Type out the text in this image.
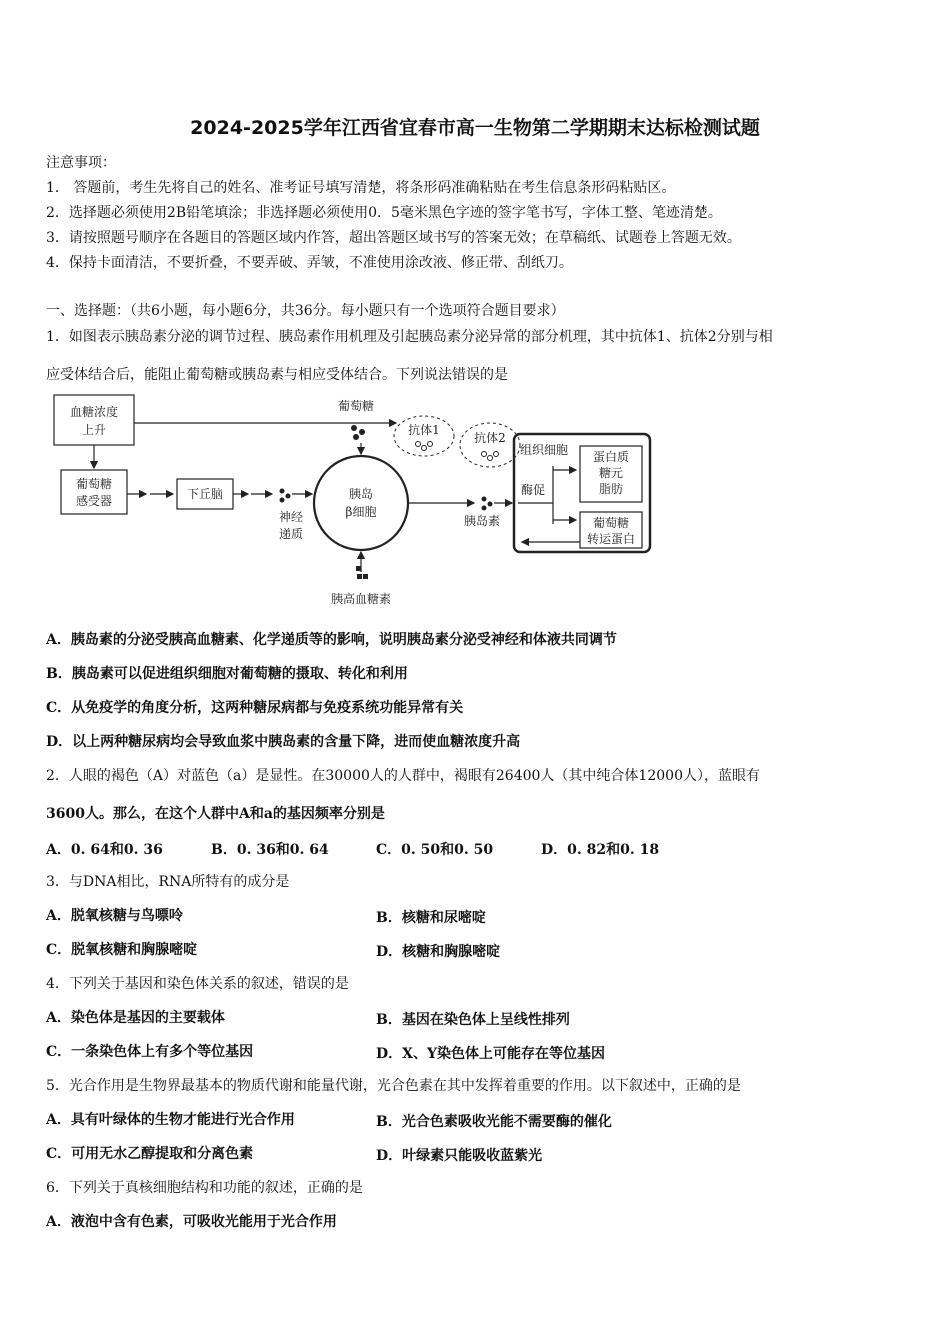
2024-2025学年江西省宜春市高一生物第二学期期末达标检测试题
注意事项：
1． 答题前，考生先将自己的姓名、准考证号填写清楚，将条形码准确粘贴在考生信息条形码粘贴区。
2．选择题必须使用2B铅笔填涂；非选择题必须使用0．5毫米黑色字迹的签字笔书写，字体工整、笔迹清楚。
3．请按照题号顺序在各题目的答题区域内作答，超出答题区域书写的答案无效；在草稿纸、试题卷上答题无效。
4．保持卡面清洁，不要折叠，不要弄破、弄皱，不准使用涂改液、修正带、刮纸刀。
一、选择题：（共6小题，每小题6分，共36分。每小题只有一个选项符合题目要求）
1．如图表示胰岛素分泌的调节过程、胰岛素作用机理及引起胰岛素分泌异常的部分机理，其中抗体1、抗体2分别与相
应受体结合后，能阻止葡萄糖或胰岛素与相应受体结合。下列说法错误的是
血糖浓度
上升
葡萄糖
抗体1
抗体2
组织细胞
葡萄糖
感受器	下丘脑
神经
递质
胰岛
β细胞
胰岛素
酶促
蛋白质
糖元
脂肪
葡萄糖
转运蛋白
胰高血糖素
A．胰岛素的分泌受胰高血糖素、化学递质等的影响，说明胰岛素分泌受神经和体液共同调节
B．胰岛素可以促进组织细胞对葡萄糖的摄取、转化和利用
C．从免疫学的角度分析，这两种糖尿病都与免疫系统功能异常有关
D．以上两种糖尿病均会导致血浆中胰岛素的含量下降，进而使血糖浓度升高
2．人眼的褐色（A）对蓝色（a）是显性。在30000人的人群中，褐眼有26400人（其中纯合体12000人），蓝眼有
3600人。那么，在这个人群中A和a的基因频率分别是
A．0. 64和0. 36	B．0. 36和0. 64	C．0. 50和0. 50	D．0. 82和0. 18
3．与DNA相比，RNA所特有的成分是
A．脱氧核糖与鸟嘌呤	B．核糖和尿嘧啶
C．脱氧核糖和胸腺嘧啶	D．核糖和胸腺嘧啶
4．下列关于基因和染色体关系的叙述，错误的是
A．染色体是基因的主要载体	B．基因在染色体上呈线性排列
C．一条染色体上有多个等位基因	D．X、Y染色体上可能存在等位基因
5．光合作用是生物界最基本的物质代谢和能量代谢，光合色素在其中发挥着重要的作用。以下叙述中，正确的是
A．具有叶绿体的生物才能进行光合作用	B．光合色素吸收光能不需要酶的催化
C．可用无水乙醇提取和分离色素	D．叶绿素只能吸收蓝紫光
6．下列关于真核细胞结构和功能的叙述，正确的是
A．液泡中含有色素，可吸收光能用于光合作用
